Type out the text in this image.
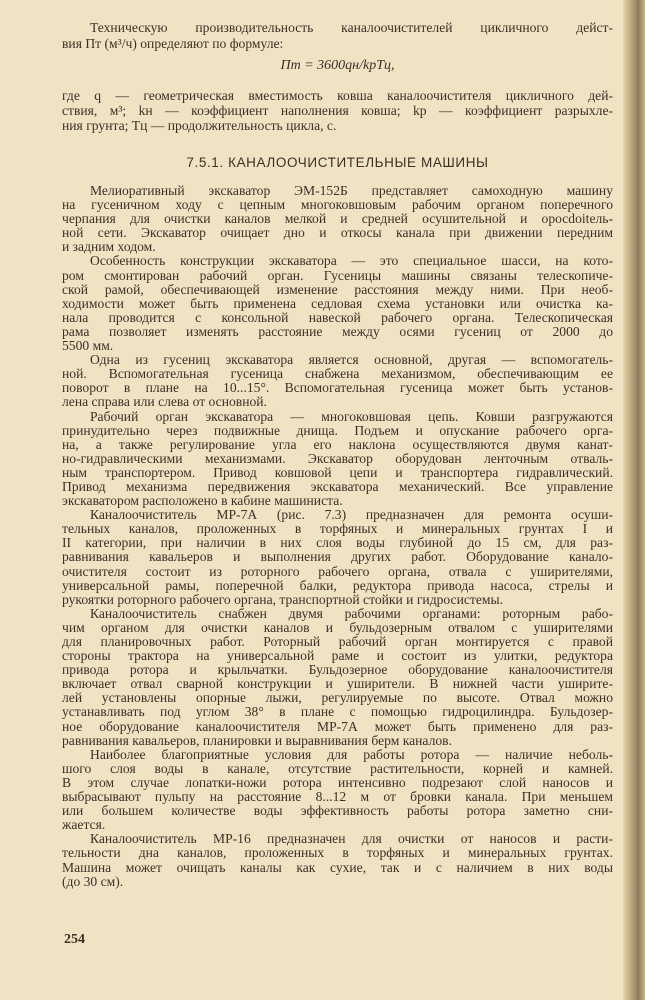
Техническую производительность каналоочистителей цикличного дейст-
вия Пт (м³/ч) определяют по формуле:
Пт = 3600qн/kрTц,
где q — геометрическая вместимость ковша каналоочистителя цикличного дей-
ствия, м³; kн — коэффициент наполнения ковша; kр — коэффициент разрыхле-
ния грунта; Тц — продолжительность цикла, с.
7.5.1. КАНАЛООЧИСТИТЕЛЬНЫЕ МАШИНЫ
Мелиоративный экскаватор ЭМ-152Б представляет самоходную машину
на гусеничном ходу с цепным многоковшовым рабочим органом поперечного
черпания для очистки каналов мелкой и средней осушительной и оросdoitель-
ной сети. Экскаватор очищает дно и откосы канала при движении передним
и задним ходом.
Особенность конструкции экскаватора — это специальное шасси, на кото-
ром смонтирован рабочий орган. Гусеницы машины связаны телескопиче-
ской рамой, обеспечивающей изменение расстояния между ними. При необ-
ходимости может быть применена седловая схема установки или очистка ка-
нала проводится с консольной навеской рабочего органа. Телескопическая
рама позволяет изменять расстояние между осями гусениц от 2000 до
5500 мм.
Одна из гусениц экскаватора является основной, другая — вспомогатель-
ной. Вспомогательная гусеница снабжена механизмом, обеспечивающим ее
поворот в плане на 10...15°. Вспомогательная гусеница может быть установ-
лена справа или слева от основной.
Рабочий орган экскаватора — многоковшовая цепь. Ковши разгружаются
принудительно через подвижные днища. Подъем и опускание рабочего орга-
на, а также регулирование угла его наклона осуществляются двумя канат-
но-гидравлическими механизмами. Экскаватор оборудован ленточным отваль-
ным транспортером. Привод ковшовой цепи и транспортера гидравлический.
Привод механизма передвижения экскаватора механический. Все управление
экскаватором расположено в кабине машиниста.
Каналоочиститель МР-7А (рис. 7.3) предназначен для ремонта осуши-
тельных каналов, проложенных в торфяных и минеральных грунтах I и
II категории, при наличии в них слоя воды глубиной до 15 см, для раз-
равнивания кавальеров и выполнения других работ. Оборудование канало-
очистителя состоит из роторного рабочего органа, отвала с уширителями,
универсальной рамы, поперечной балки, редуктора привода насоса, стрелы и
рукоятки роторного рабочего органа, транспортной стойки и гидросистемы.
Каналоочиститель снабжен двумя рабочими органами: роторным рабо-
чим органом для очистки каналов и бульдозерным отвалом с уширителями
для планировочных работ. Роторный рабочий орган монтируется с правой
стороны трактора на универсальной раме и состоит из улитки, редуктора
привода ротора и крыльчатки. Бульдозерное оборудование каналоочистителя
включает отвал сварной конструкции и уширители. В нижней части уширите-
лей установлены опорные лыжи, регулируемые по высоте. Отвал можно
устанавливать под углом 38° в плане с помощью гидроцилиндра. Бульдозер-
ное оборудование каналоочистителя МР-7А может быть применено для раз-
равнивания кавальеров, планировки и выравнивания берм каналов.
Наиболее благоприятные условия для работы ротора — наличие неболь-
шого слоя воды в канале, отсутствие растительности, корней и камней.
В этом случае лопатки-ножи ротора интенсивно подрезают слой наносов и
выбрасывают пульпу на расстояние 8...12 м от бровки канала. При меньшем
или большем количестве воды эффективность работы ротора заметно сни-
жается.
Каналоочиститель МР-16 предназначен для очистки от наносов и расти-
тельности дна каналов, проложенных в торфяных и минеральных грунтах.
Машина может очищать каналы как сухие, так и с наличием в них воды
(до 30 см).
254
